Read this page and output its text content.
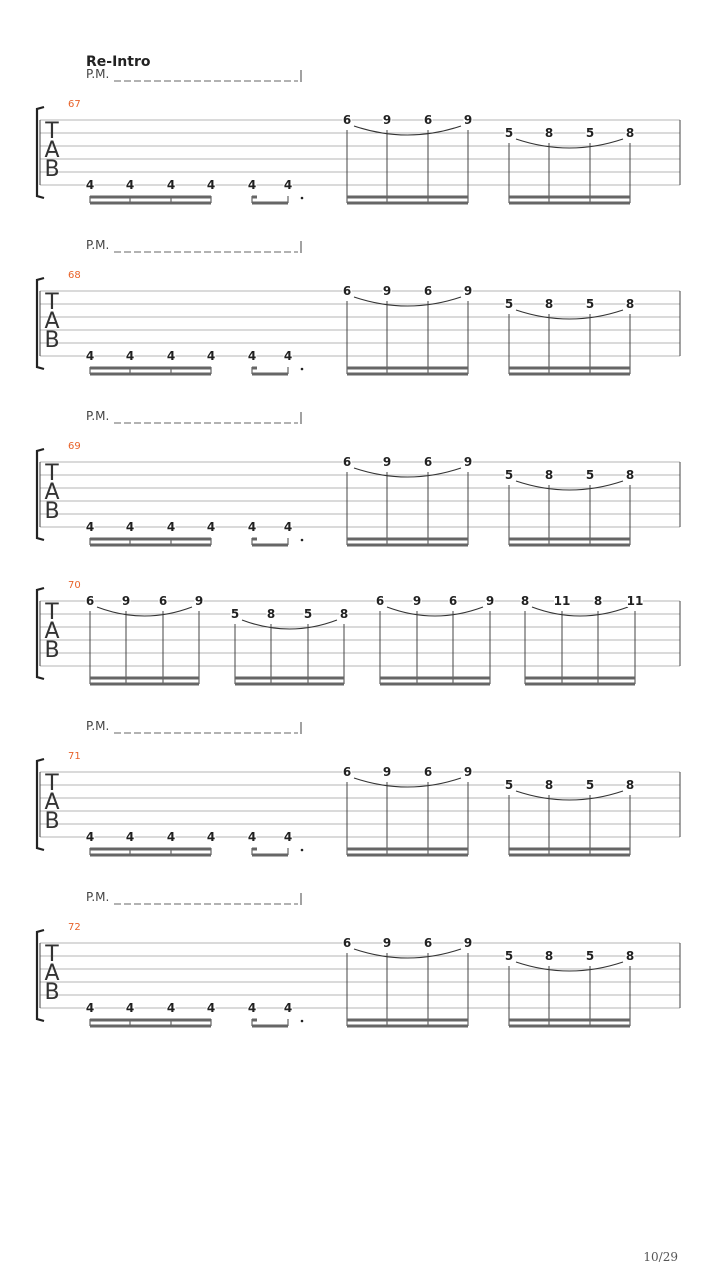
Re-Intro
T
A
B
67
P.M.
4	4	4	4	4 4
6	9	6	9
5	8	5	8
T
A
B
68
P.M.
4	4	4	4	4 4
6	9	6	9
5	8	5	8
T
A
B
69
P.M.
4	4	4	4	4 4
6	9	6	9
5	8	5	8
T
A
B
70
6 9 6 9
5 8 5 8
6 9 6 9 8 11 8 11
T
A
B
71
P.M.
4	4	4	4	4 4
6	9	6	9
5	8	5	8
T
A
B
72
P.M.
4	4	4	4	4 4
6	9	6	9
5	8	5	8
10/29
